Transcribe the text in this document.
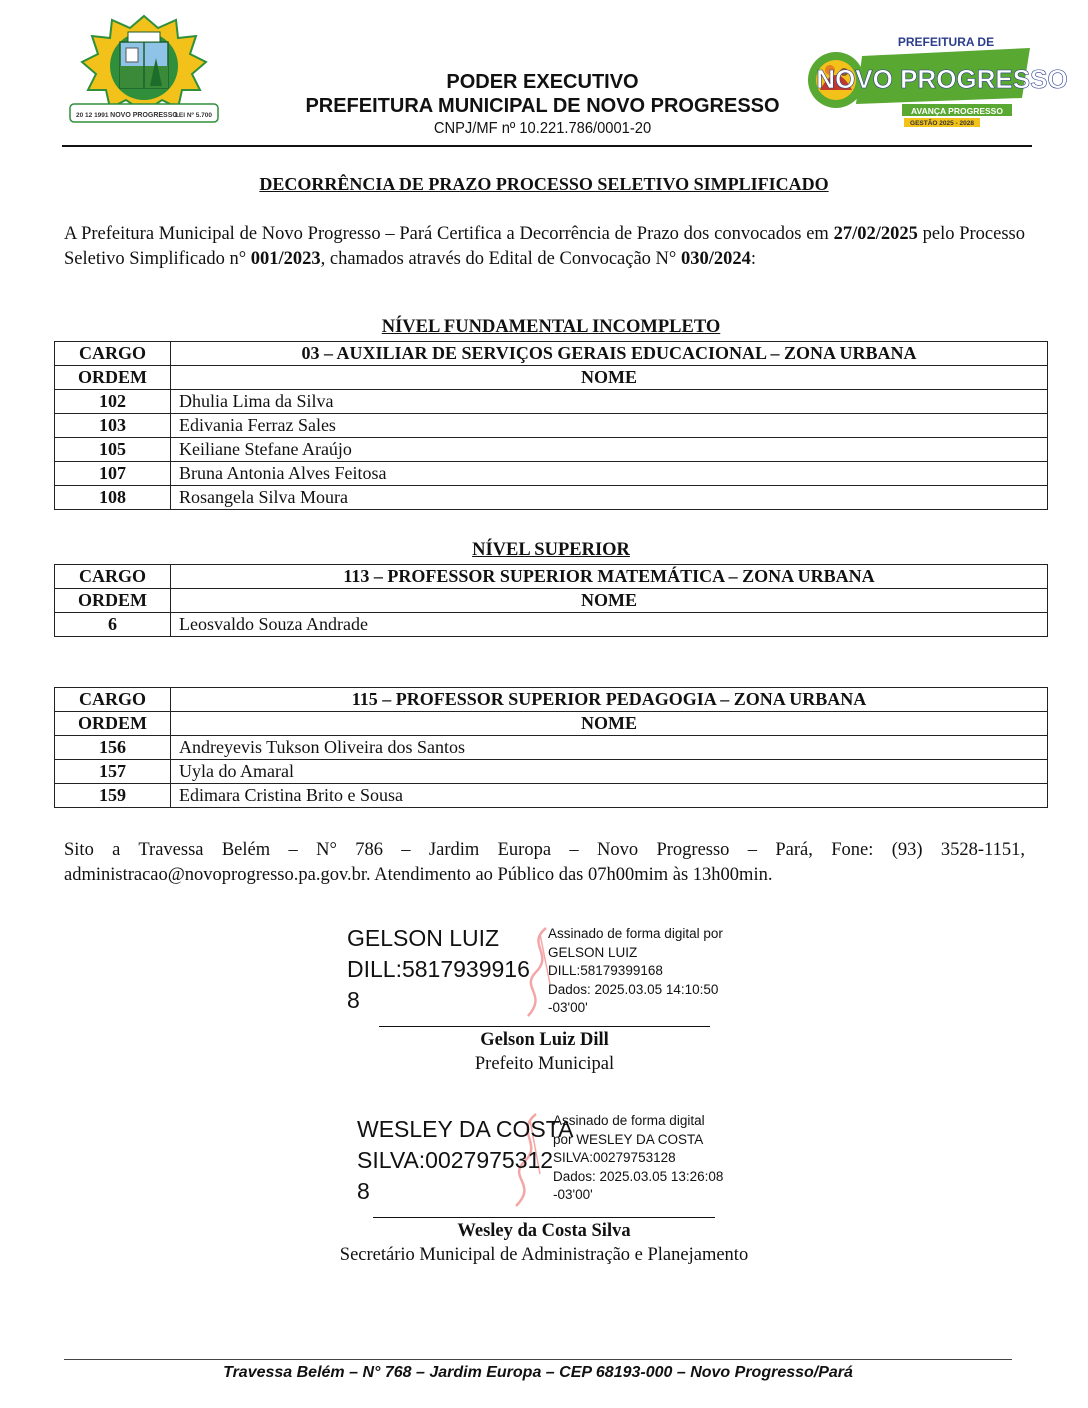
20 12 1991 NOVO PROGRESSO
LEI Nº 5.700
PODER EXECUTIVO
PREFEITURA MUNICIPAL DE NOVO PROGRESSO
CNPJ/MF nº 10.221.786/0001-20
PREFEITURA DE
NOVO PROGRESSO
AVANÇA PROGRESSO
GESTÃO 2025 - 2028
DECORRÊNCIA DE PRAZO PROCESSO SELETIVO SIMPLIFICADO
A Prefeitura Municipal de Novo Progresso – Pará Certifica a Decorrência de Prazo dos convocados em 27/02/2025 pelo Processo Seletivo Simplificado n° 001/2023, chamados através do Edital de Convocação N° 030/2024:
NÍVEL FUNDAMENTAL INCOMPLETO
CARGO	03 – AUXILIAR DE SERVIÇOS GERAIS EDUCACIONAL – ZONA URBANA
ORDEM	NOME
102	Dhulia Lima da Silva
103	Edivania Ferraz Sales
105	Keiliane Stefane Araújo
107	Bruna Antonia Alves Feitosa
108	Rosangela Silva Moura
NÍVEL SUPERIOR
CARGO	113 – PROFESSOR SUPERIOR MATEMÁTICA – ZONA URBANA
ORDEM	NOME
6	Leosvaldo Souza Andrade
CARGO	115 – PROFESSOR SUPERIOR PEDAGOGIA – ZONA URBANA
ORDEM	NOME
156	Andreyevis Tukson Oliveira dos Santos
157	Uyla do Amaral
159	Edimara Cristina Brito e Sousa
Sito a Travessa Belém – N° 786 – Jardim Europa – Novo Progresso – Pará, Fone: (93) 3528-1151, administracao@novoprogresso.pa.gov.br. Atendimento ao Público das 07h00mim às 13h00min.
GELSON LUIZ
DILL:5817939916
8
Assinado de forma digital por
GELSON LUIZ
DILL:58179399168
Dados: 2025.03.05 14:10:50
-03'00'
Gelson Luiz Dill
Prefeito Municipal
WESLEY DA COSTA
SILVA:0027975312
8
Assinado de forma digital
por WESLEY DA COSTA
SILVA:00279753128
Dados: 2025.03.05 13:26:08
-03'00'
Wesley da Costa Silva
Secretário Municipal de Administração e Planejamento
Travessa Belém – N° 768 – Jardim Europa – CEP 68193-000 – Novo Progresso/Pará
